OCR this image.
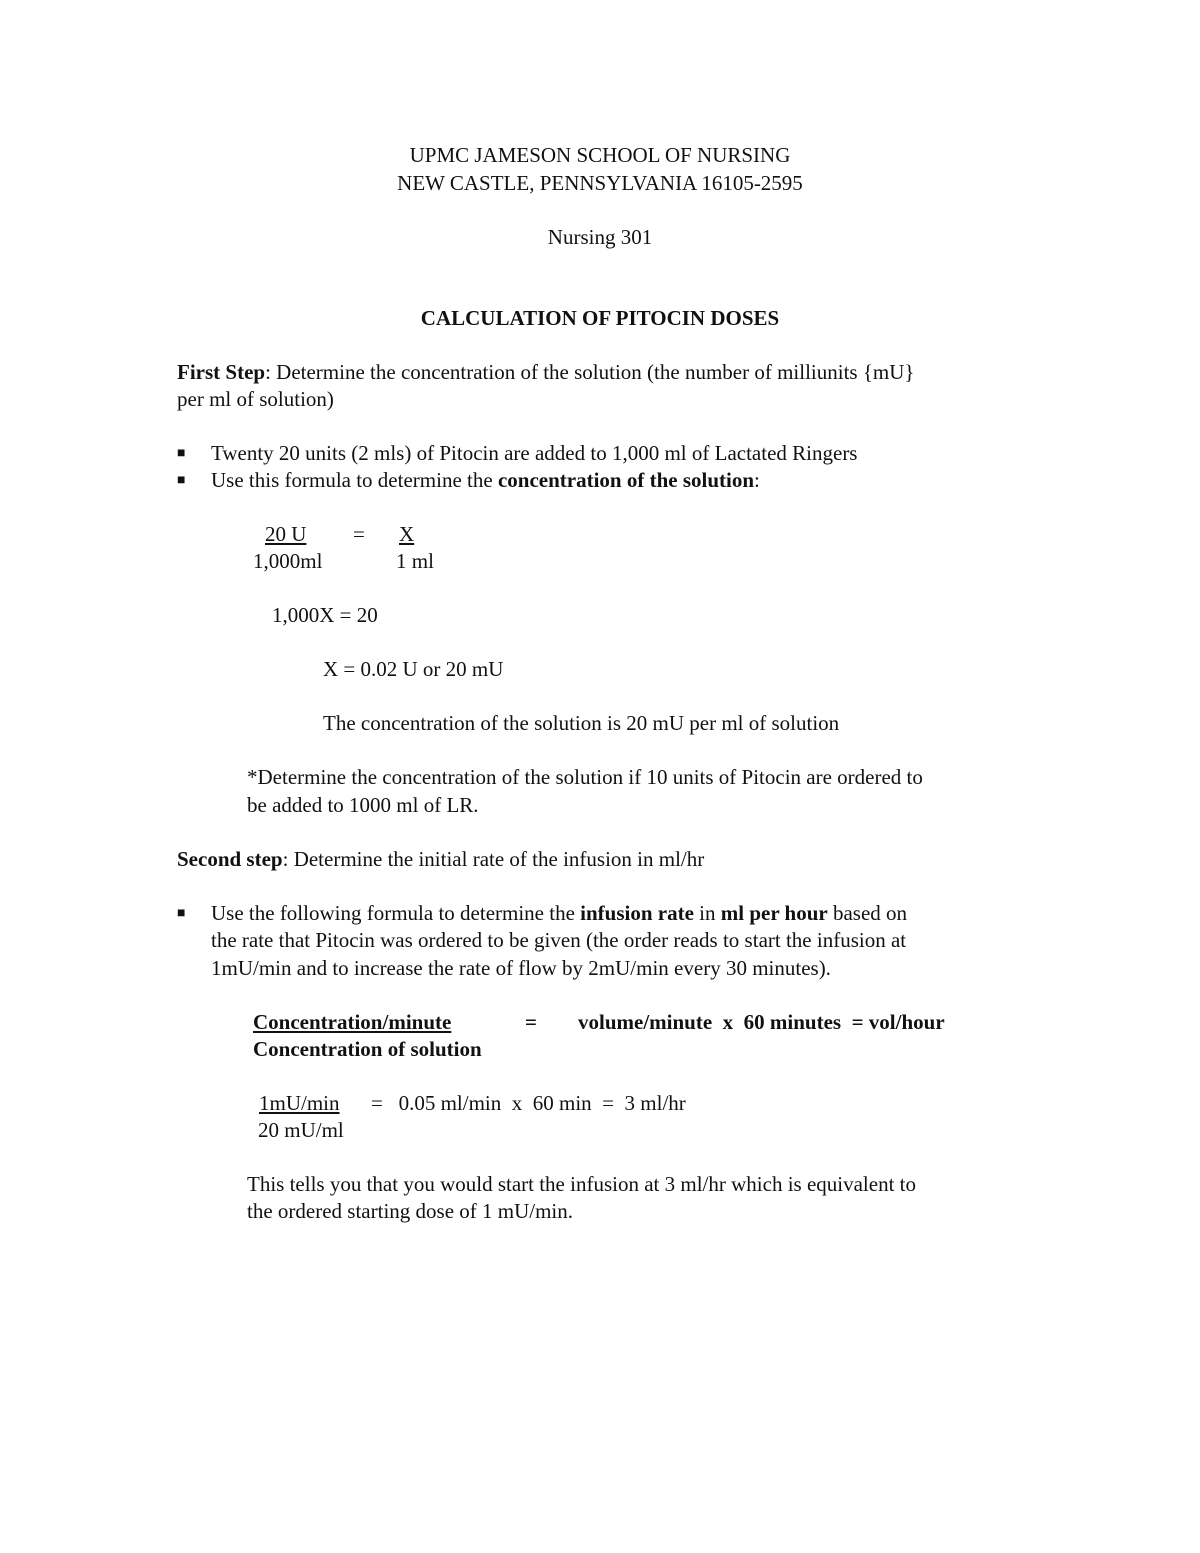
UPMC JAMESON SCHOOL OF NURSING
NEW CASTLE, PENNSYLVANIA 16105-2595
Nursing 301
CALCULATION OF PITOCIN DOSES
First Step: Determine the concentration of the solution (the number of milliunits {mU}
per ml of solution)
■ Twenty 20 units (2 mls) of Pitocin are added to 1,000 ml of Lactated Ringers
■ Use this formula to determine the concentration of the solution:
20 U = X
1,000ml	1 ml
1,000X = 20
X = 0.02 U or 20 mU
The concentration of the solution is 20 mU per ml of solution
*Determine the concentration of the solution if 10 units of Pitocin are ordered to
be added to 1000 ml of LR.
Second step: Determine the initial rate of the infusion in ml/hr
■ Use the following formula to determine the infusion rate in ml per hour based on
the rate that Pitocin was ordered to be given (the order reads to start the infusion at
1mU/min and to increase the rate of flow by 2mU/min every 30 minutes).
Concentration/minute	= volume/minute  x  60 minutes  = vol/hour
Concentration of solution
1mU/min =   0.05 ml/min  x  60 min  =  3 ml/hr
20 mU/ml
This tells you that you would start the infusion at 3 ml/hr which is equivalent to
the ordered starting dose of 1 mU/min.
